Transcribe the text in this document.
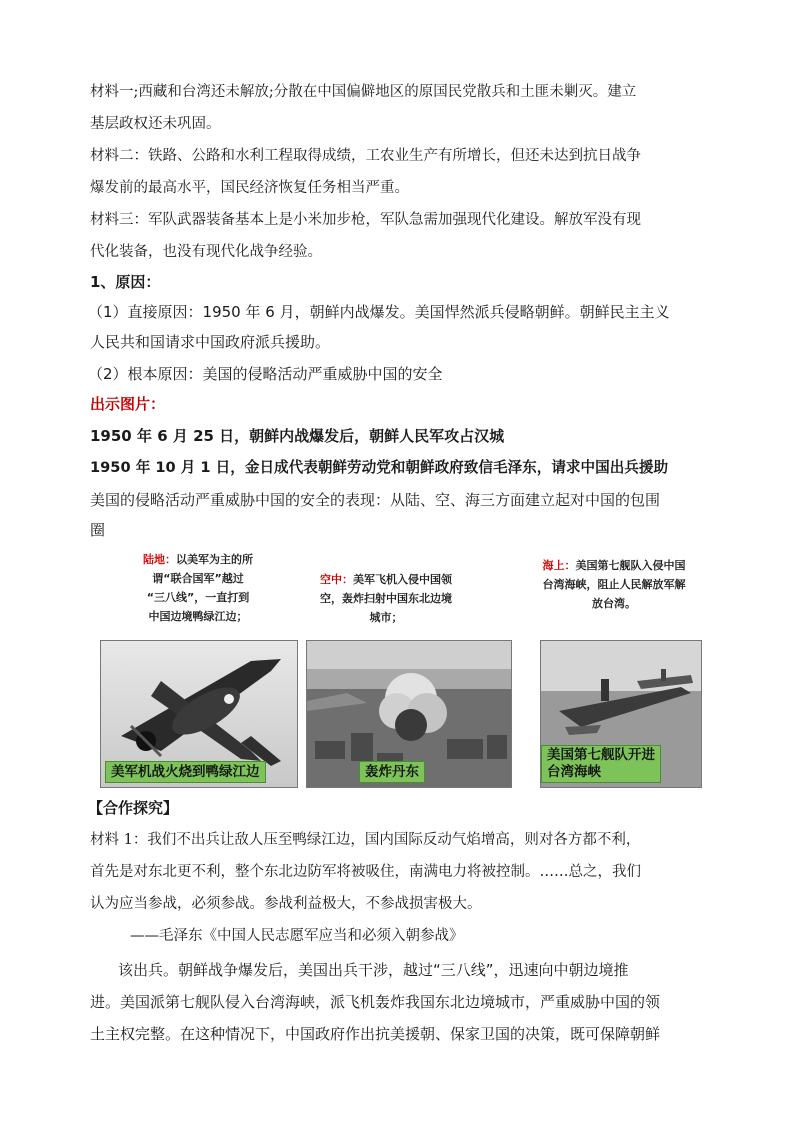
材料一;西藏和台湾还未解放;分散在中国偏僻地区的原国民党散兵和土匪未剿灭。建立
基层政权还未巩固。
材料二：铁路、公路和水利工程取得成绩，工农业生产有所增长，但还未达到抗日战争
爆发前的最高水平，国民经济恢复任务相当严重。
材料三：军队武器装备基本上是小米加步枪，军队急需加强现代化建设。解放军没有现
代化装备，也没有现代化战争经验。
1、原因：
（1）直接原因：1950 年 6 月，朝鲜内战爆发。美国悍然派兵侵略朝鲜。朝鲜民主主义
人民共和国请求中国政府派兵援助。
（2）根本原因：美国的侵略活动严重威胁中国的安全
出示图片：
1950 年 6 月 25 日，朝鲜内战爆发后，朝鲜人民军攻占汉城
1950 年 10 月 1 日，金日成代表朝鲜劳动党和朝鲜政府致信毛泽东，请求中国出兵援助
美国的侵略活动严重威胁中国的安全的表现：从陆、空、海三方面建立起对中国的包围
圈
陆地：以美军为主的所
谓“联合国军”越过
“三八线”，一直打到
中国边境鸭绿江边；
空中：美军飞机入侵中国领
空，轰炸扫射中国东北边境
城市；
海上：美国第七舰队入侵中国
台湾海峡，阻止人民解放军解
放台湾。
美军机战火烧到鸭绿江边	轰炸丹东
美国第七舰队开进
台湾海峡
【合作探究】
材料 1：我们不出兵让敌人压至鸭绿江边，国内国际反动气焰增高，则对各方都不利，
首先是对东北更不利，整个东北边防军将被吸住，南满电力将被控制。……总之，我们
认为应当参战，必须参战。参战利益极大，不参战损害极大。
——毛泽东《中国人民志愿军应当和必须入朝参战》
该出兵。朝鲜战争爆发后，美国出兵干涉，越过“三八线”，迅速向中朝边境推
进。美国派第七舰队侵入台湾海峡，派飞机轰炸我国东北边境城市，严重威胁中国的领
土主权完整。在这种情况下，中国政府作出抗美援朝、保家卫国的决策，既可保障朝鲜
